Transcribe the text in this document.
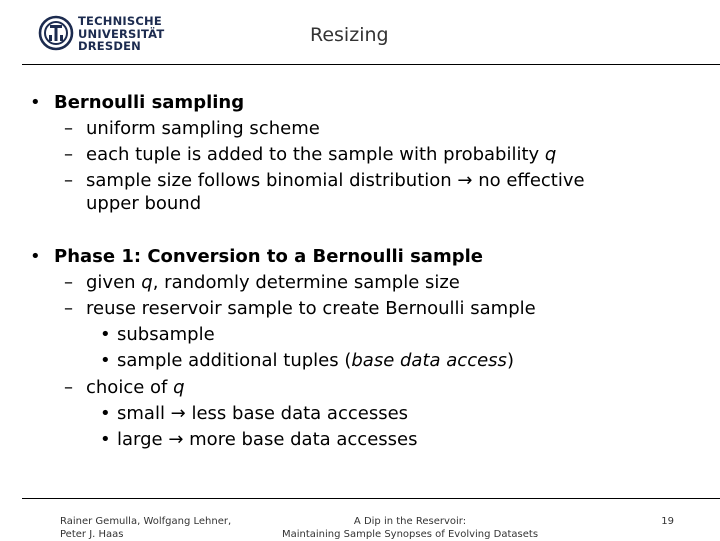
TECHNISCHE
UNIVERSITÄT
DRESDEN	Resizing
• Bernoulli sampling
– uniform sampling scheme
– each tuple is added to the sample with probability q
– sample size follows binomial distribution → no effective
upper bound
• Phase 1: Conversion to a Bernoulli sample
– given q, randomly determine sample size
– reuse reservoir sample to create Bernoulli sample
• subsample
• sample additional tuples (base data access)
– choice of q
• small → less base data accesses
• large → more base data accesses
Rainer Gemulla, Wolfgang Lehner,
Peter J. Haas
A Dip in the Reservoir:
Maintaining Sample Synopses of Evolving Datasets
19
